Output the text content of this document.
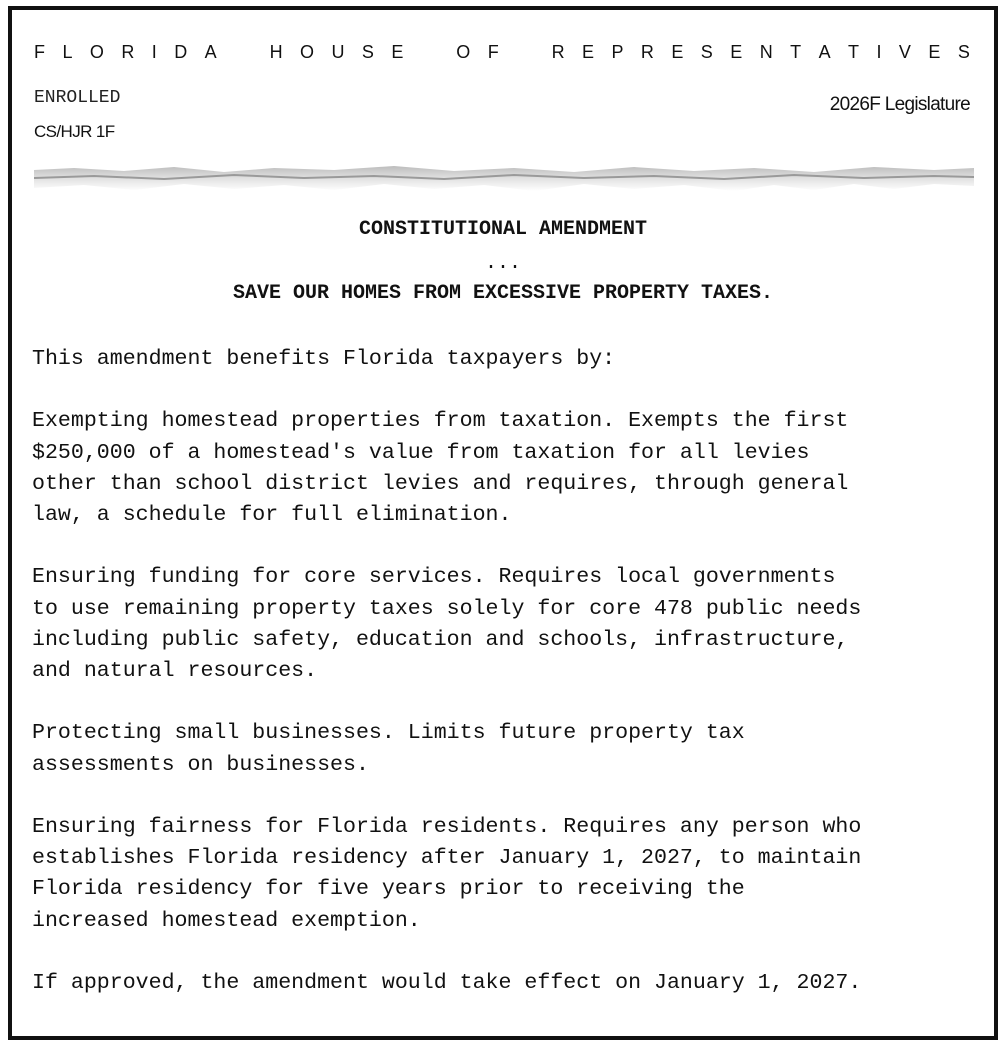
F L O R I D A
	H O U S E
	O F
	R E P R E S E N T A T I V E S
ENROLLED
CS/HJR 1F
2026F Legislature
CONSTITUTIONAL AMENDMENT
...
SAVE OUR HOMES FROM EXCESSIVE PROPERTY TAXES.

This amendment benefits Florida taxpayers by:

Exempting homestead properties from taxation. Exempts the first
$250,000 of a homestead's value from taxation for all levies
other than school district levies and requires, through general
law, a schedule for full elimination.

Ensuring funding for core services. Requires local governments
to use remaining property taxes solely for core 478 public needs
including public safety, education and schools, infrastructure,
and natural resources.

Protecting small businesses. Limits future property tax
assessments on businesses.

Ensuring fairness for Florida residents. Requires any person who
establishes Florida residency after January 1, 2027, to maintain
Florida residency for five years prior to receiving the
increased homestead exemption.

If approved, the amendment would take effect on January 1, 2027.
